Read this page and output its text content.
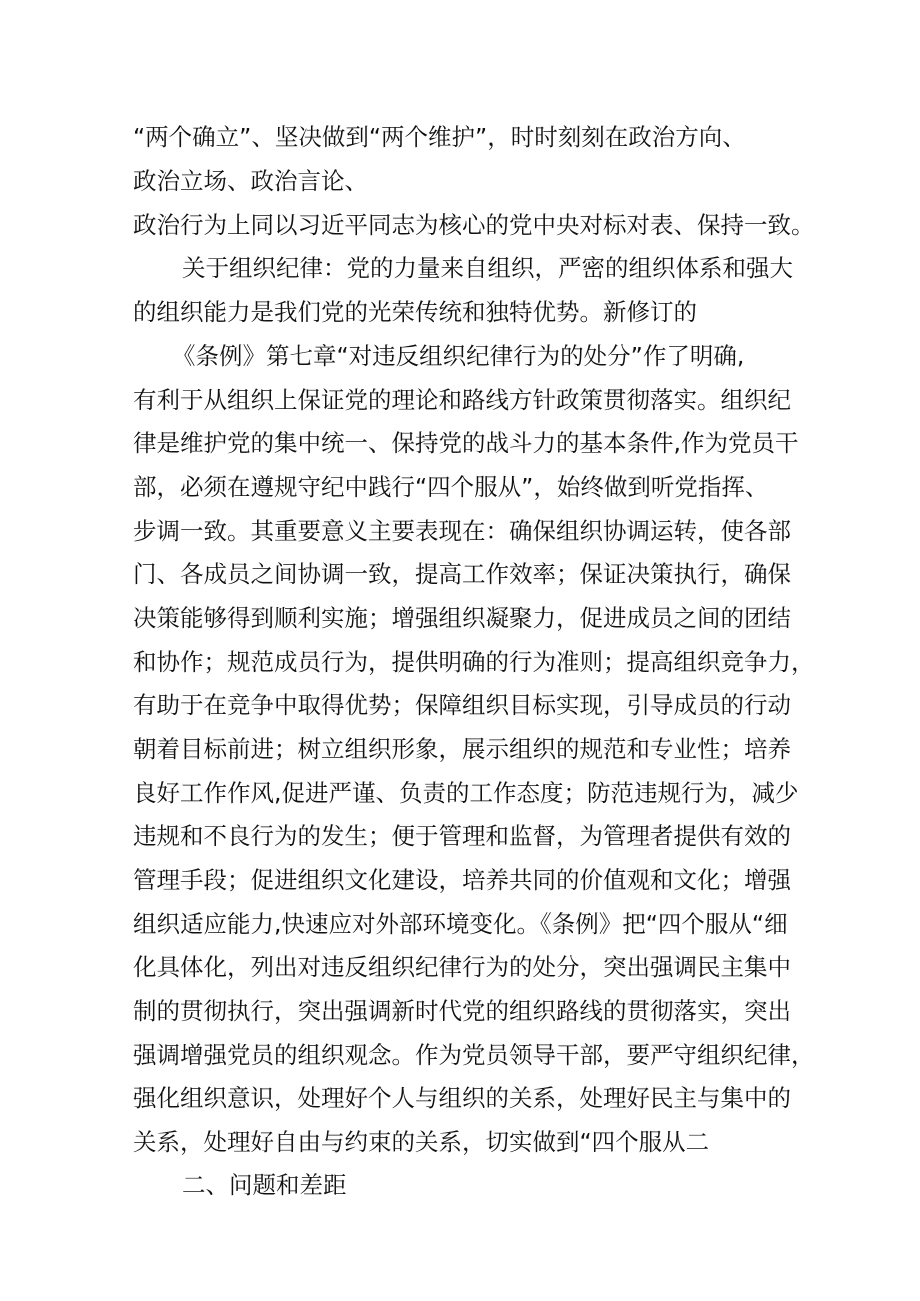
“两个确立”、坚决做到“两个维护”，时时刻刻在政治方向、
政治立场、政治言论、
政治行为上同以习近平同志为核心的党中央对标对表、保持一致。
关于组织纪律：党的力量来自组织，严密的组织体系和强大
的组织能力是我们党的光荣传统和独特优势。新修订的
《条例》第七章“对违反组织纪律行为的处分”作了明确,
有利于从组织上保证党的理论和路线方针政策贯彻落实。组织纪
律是维护党的集中统一、保持党的战斗力的基本条件,作为党员干
部，必须在遵规守纪中践行“四个服从”，始终做到听党指挥、
步调一致。其重要意义主要表现在：确保组织协调运转，使各部
门、各成员之间协调一致，提高工作效率；保证决策执行，确保
决策能够得到顺利实施；增强组织凝聚力，促进成员之间的团结
和协作；规范成员行为，提供明确的行为准则；提高组织竞争力，
有助于在竞争中取得优势；保障组织目标实现，引导成员的行动
朝着目标前进；树立组织形象，展示组织的规范和专业性；培养
良好工作作风,促进严谨、负责的工作态度；防范违规行为，减少
违规和不良行为的发生；便于管理和监督，为管理者提供有效的
管理手段；促进组织文化建设，培养共同的价值观和文化；增强
组织适应能力,快速应对外部环境变化。《条例》把“四个服从“细
化具体化，列出对违反组织纪律行为的处分，突出强调民主集中
制的贯彻执行，突出强调新时代党的组织路线的贯彻落实，突出
强调增强党员的组织观念。作为党员领导干部，要严守组织纪律，
强化组织意识，处理好个人与组织的关系，处理好民主与集中的
关系，处理好自由与约束的关系，切实做到“四个服从二
二、问题和差距
